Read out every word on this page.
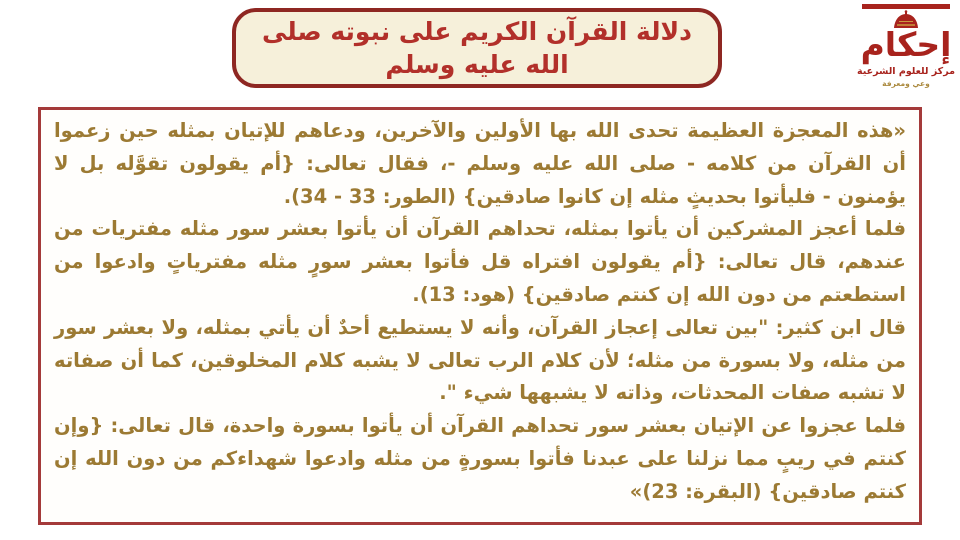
دلالة القرآن الكريم على نبوته صلى
الله عليه وسلم
إحكام
مركز للعلوم الشرعية
وعي ومعرفة

«هذه المعجزة العظيمة تحدى الله بها الأولين والآخرين، ودعاهم للإتيان بمثله حين زعموا أن القرآن من كلامه - صلى الله عليه وسلم -، فقال تعالى: {أم يقولون تقوَّله بل لا يؤمنون - فليأتوا بحديثٍ مثله إن كانوا صادقين} (الطور: 33 - 34).

فلما أعجز المشركين أن يأتوا بمثله، تحداهم القرآن أن يأتوا بعشر سور مثله مفتريات من عندهم، قال تعالى: {أم يقولون افتراه قل فأتوا بعشر سورٍ مثله مفترياتٍ وادعوا من استطعتم من دون الله إن كنتم صادقين} (هود: 13).

قال ابن كثير: "بين تعالى إعجاز القرآن، وأنه لا يستطيع أحدٌ أن يأتي بمثله، ولا بعشر سور من مثله، ولا بسورة من مثله؛ لأن كلام الرب تعالى لا يشبه كلام المخلوقين، كما أن صفاته لا تشبه صفات المحدثات، وذاته لا يشبهها شيء ".

فلما عجزوا عن الإتيان بعشر سور تحداهم القرآن أن يأتوا بسورة واحدة، قال تعالى: {وإن كنتم في ريبٍ مما نزلنا على عبدنا فأتوا بسورةٍ من مثله وادعوا شهداءكم من دون الله إن كنتم صادقين} (البقرة: 23)»
